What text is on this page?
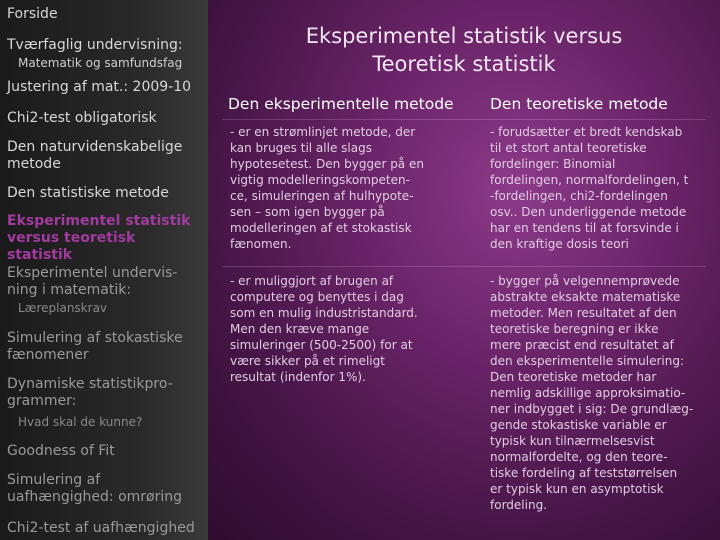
Forside
Tværfaglig undervisning:
Matematik og samfundsfag
Justering af mat.: 2009-10
Chi2-test obligatorisk
Den naturvidenskabelige
metode
Den statistiske metode
Eksperimentel statistik
versus teoretisk statistik
Eksperimentel undervis-
ning i matematik:
Læreplanskrav
Simulering af stokastiske
fænomener
Dynamiske statistikpro-
grammer:
Hvad skal de kunne?
Goodness of Fit
Simulering af
uafhængighed: omrøring
Chi2-test af uafhængighed
Eksperimentel statistik versus
Teoretisk statistik
Den eksperimentelle metode Den teoretiske metode
- er en strømlinjet metode, der
kan bruges til alle slags
hypotesetest. Den bygger på en
vigtig modelleringskompeten-
ce, simuleringen af hulhypote-
sen – som igen bygger på
modelleringen af et stokastisk
fænomen.
- forudsætter et bredt kendskab
til et stort antal teoretiske
fordelinger: Binomial
fordelingen, normalfordelingen, t
-fordelingen, chi2-fordelingen
osv.. Den underliggende metode
har en tendens til at forsvinde i
den kraftige dosis teori
- er muliggjort af brugen af
computere og benyttes i dag
som en mulig industristandard.
Men den kræve mange
simuleringer (500-2500) for at
være sikker på et rimeligt
resultat (indenfor 1%).
- bygger på velgennemprøvede
abstrakte eksakte matematiske
metoder. Men resultatet af den
teoretiske beregning er ikke
mere præcist end resultatet af
den eksperimentelle simulering:
Den teoretiske metoder har
nemlig adskillige approksimatio-
ner indbygget i sig: De grundlæg-
gende stokastiske variable er
typisk kun tilnærmelsesvist
normalfordelte, og den teore-
tiske fordeling af teststørrelsen
er typisk kun en asymptotisk
fordeling.
